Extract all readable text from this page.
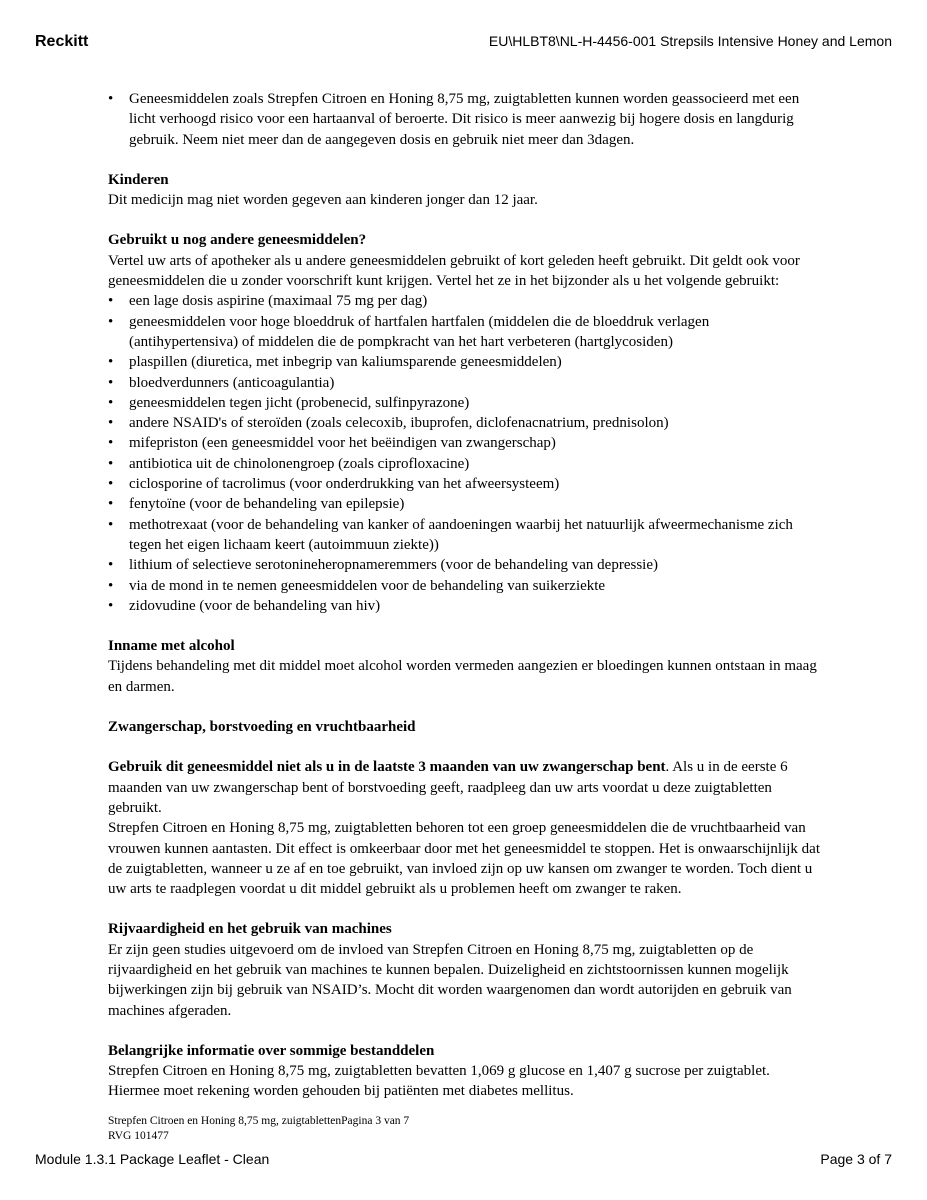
Reckitt	EU\HLBT8\NL-H-4456-001 Strepsils Intensive Honey and Lemon
• Geneesmiddelen zoals Strepfen Citroen en Honing 8,75 mg, zuigtabletten kunnen worden geassocieerd met een licht verhoogd risico voor een hartaanval of beroerte. Dit risico is meer aanwezig bij hogere dosis en langdurig gebruik. Neem niet meer dan de aangegeven dosis en gebruik niet meer dan 3dagen.
Kinderen

Dit medicijn mag niet worden gegeven aan kinderen jonger dan 12 jaar.

Gebruikt u nog andere geneesmiddelen?

Vertel uw arts of apotheker als u andere geneesmiddelen gebruikt of kort geleden heeft gebruikt. Dit geldt ook voor geneesmiddelen die u zonder voorschrift kunt krijgen. Vertel het ze in het bijzonder als u het volgende gebruikt:

• een lage dosis aspirine (maximaal 75 mg per dag)
• geneesmiddelen voor hoge bloeddruk of hartfalen hartfalen (middelen die de bloeddruk verlagen (antihypertensiva) of middelen die de pompkracht van het hart verbeteren (hartglycosiden)
• plaspillen (diuretica, met inbegrip van kaliumsparende geneesmiddelen)
• bloedverdunners (anticoagulantia)
• geneesmiddelen tegen jicht (probenecid, sulfinpyrazone)
• andere NSAID's of steroïden (zoals celecoxib, ibuprofen, diclofenacnatrium, prednisolon)
• mifepriston (een geneesmiddel voor het beëindigen van zwangerschap)
• antibiotica uit de chinolonengroep (zoals ciprofloxacine)
• ciclosporine of tacrolimus (voor onderdrukking van het afweersysteem)
• fenytoïne (voor de behandeling van epilepsie)
• methotrexaat (voor de behandeling van kanker of aandoeningen waarbij het natuurlijk afweermechanisme zich tegen het eigen lichaam keert (autoimmuun ziekte))
• lithium of selectieve serotonineheropnameremmers (voor de behandeling van depressie)
• via de mond in te nemen geneesmiddelen voor de behandeling van suikerziekte
• zidovudine (voor de behandeling van hiv)
Inname met alcohol

Tijdens behandeling met dit middel moet alcohol worden vermeden aangezien er bloedingen kunnen ontstaan in maag en darmen.

Zwangerschap, borstvoeding en vruchtbaarheid

Gebruik dit geneesmiddel niet als u in de laatste 3 maanden van uw zwangerschap bent. Als u in de eerste 6 maanden van uw zwangerschap bent of borstvoeding geeft, raadpleeg dan uw arts voordat u deze zuigtabletten gebruikt.

Strepfen Citroen en Honing 8,75 mg, zuigtabletten behoren tot een groep geneesmiddelen die de vruchtbaarheid van vrouwen kunnen aantasten. Dit effect is omkeerbaar door met het geneesmiddel te stoppen. Het is onwaarschijnlijk dat de zuigtabletten, wanneer u ze af en toe gebruikt, van invloed zijn op uw kansen om zwanger te worden. Toch dient u uw arts te raadplegen voordat u dit middel gebruikt als u problemen heeft om zwanger te raken.

Rijvaardigheid en het gebruik van machines

Er zijn geen studies uitgevoerd om de invloed van Strepfen Citroen en Honing 8,75 mg, zuigtabletten op de rijvaardigheid en het gebruik van machines te kunnen bepalen. Duizeligheid en zichtstoornissen kunnen mogelijk bijwerkingen zijn bij gebruik van NSAID’s. Mocht dit worden waargenomen dan wordt autorijden en gebruik van machines afgeraden.

Belangrijke informatie over sommige bestanddelen

Strepfen Citroen en Honing 8,75 mg, zuigtabletten bevatten 1,069 g glucose en 1,407 g sucrose per zuigtablet. Hiermee moet rekening worden gehouden bij patiënten met diabetes mellitus.

Strepfen Citroen en Honing 8,75 mg, zuigtablettenPagina 3 van 7
RVG 101477
Module 1.3.1 Package Leaflet - Clean	Page 3 of 7
